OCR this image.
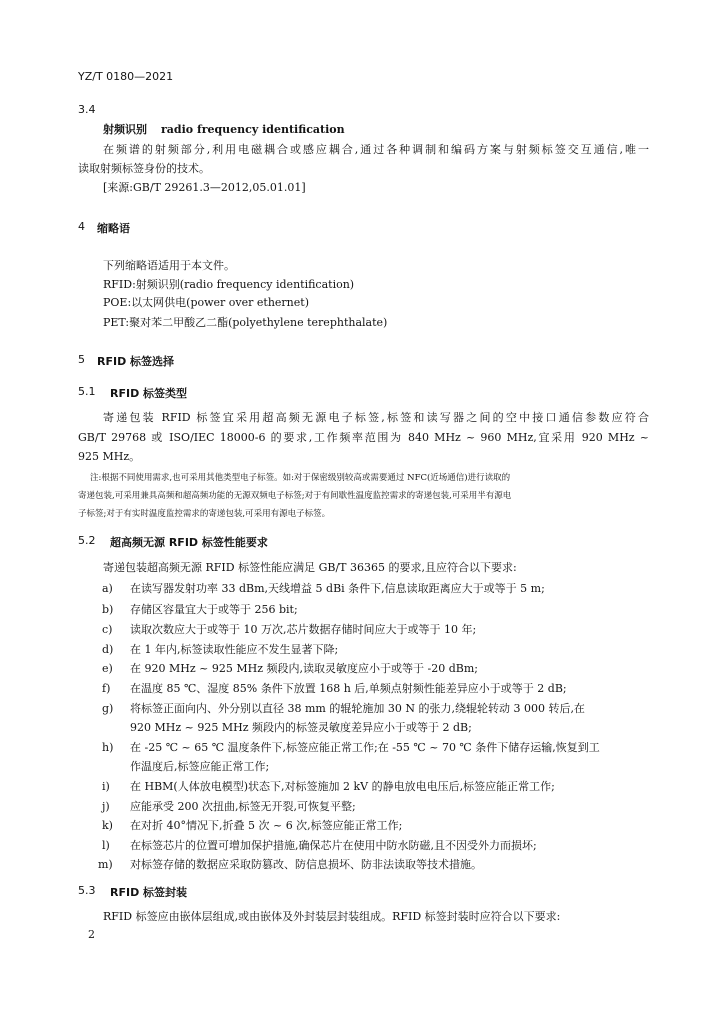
YZ/T 0180—2021
3.4
射频识别 radio frequency identification
在频谱的射频部分,利用电磁耦合或感应耦合,通过各种调制和编码方案与射频标签交互通信,唯一
读取射频标签身份的技术。
[来源:GB/T 29261.3—2012,05.01.01]
4 缩略语
下列缩略语适用于本文件。
RFID:射频识别(radio frequency identification)
POE:以太网供电(power over ethernet)
PET:聚对苯二甲酸乙二酯(polyethylene terephthalate)
5 RFID 标签选择
5.1 RFID 标签类型
寄递包装 RFID 标签宜采用超高频无源电子标签,标签和读写器之间的空中接口通信参数应符合
GB/T 29768 或 ISO/IEC 18000-6 的要求,工作频率范围为 840 MHz ~ 960 MHz,宜采用 920 MHz ~
925 MHz。
注:根据不同使用需求,也可采用其他类型电子标签。如:对于保密级别较高或需要通过 NFC(近场通信)进行读取的
寄递包装,可采用兼具高频和超高频功能的无源双频电子标签;对于有间歇性温度监控需求的寄递包装,可采用半有源电
子标签;对于有实时温度监控需求的寄递包装,可采用有源电子标签。
5.2 超高频无源 RFID 标签性能要求
寄递包装超高频无源 RFID 标签性能应满足 GB/T 36365 的要求,且应符合以下要求:
a) 在读写器发射功率 33 dBm,天线增益 5 dBi 条件下,信息读取距离应大于或等于 5 m;
b) 存储区容量宜大于或等于 256 bit;
c) 读取次数应大于或等于 10 万次,芯片数据存储时间应大于或等于 10 年;
d) 在 1 年内,标签读取性能应不发生显著下降;
e) 在 920 MHz ~ 925 MHz 频段内,读取灵敏度应小于或等于 -20 dBm;
f) 在温度 85 ℃、湿度 85% 条件下放置 168 h 后,单频点射频性能差异应小于或等于 2 dB;
g) 将标签正面向内、外分别以直径 38 mm 的辊轮施加 30 N 的张力,绕辊轮转动 3 000 转后,在
920 MHz ~ 925 MHz 频段内的标签灵敏度差异应小于或等于 2 dB;
h) 在 -25 ℃ ~ 65 ℃ 温度条件下,标签应能正常工作;在 -55 ℃ ~ 70 ℃ 条件下储存运输,恢复到工
作温度后,标签应能正常工作;
i) 在 HBM(人体放电模型)状态下,对标签施加 2 kV 的静电放电电压后,标签应能正常工作;
j) 应能承受 200 次扭曲,标签无开裂,可恢复平整;
k) 在对折 40°情况下,折叠 5 次 ~ 6 次,标签应能正常工作;
l) 在标签芯片的位置可增加保护措施,确保芯片在使用中防水防磁,且不因受外力而损坏;
m) 对标签存储的数据应采取防篡改、防信息损坏、防非法读取等技术措施。
5.3 RFID 标签封装
RFID 标签应由嵌体层组成,或由嵌体及外封装层封装组成。RFID 标签封装时应符合以下要求:
2
